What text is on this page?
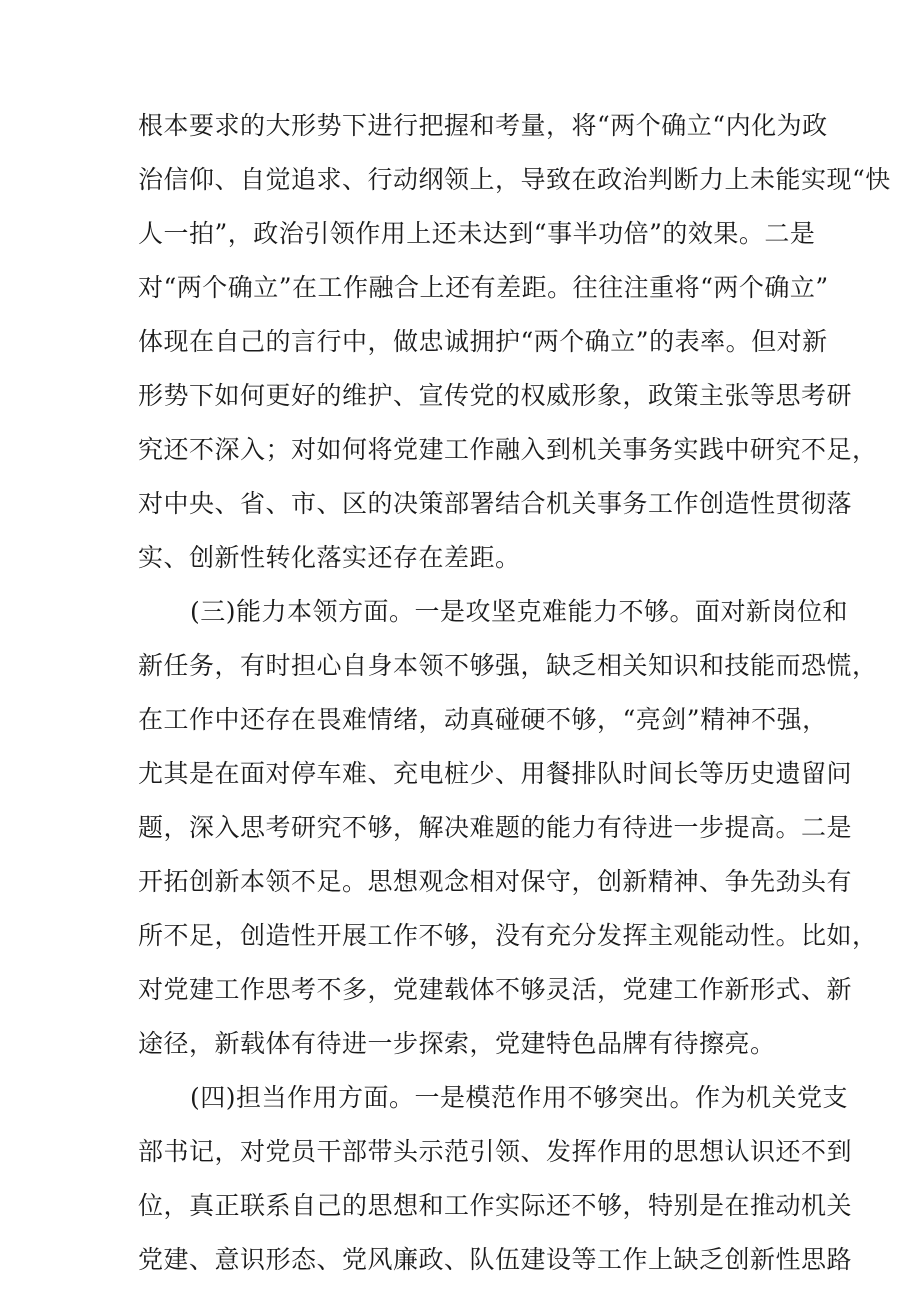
根本要求的大形势下进行把握和考量，将“两个确立“内化为政
治信仰、自觉追求、行动纲领上，导致在政治判断力上未能实现“快
人一拍”，政治引领作用上还未达到“事半功倍”的效果。二是
对“两个确立”在工作融合上还有差距。往往注重将“两个确立”
体现在自己的言行中，做忠诚拥护“两个确立”的表率。但对新
形势下如何更好的维护、宣传党的权威形象，政策主张等思考研
究还不深入；对如何将党建工作融入到机关事务实践中研究不足，
对中央、省、市、区的决策部署结合机关事务工作创造性贯彻落
实、创新性转化落实还存在差距。
(三)能力本领方面。一是攻坚克难能力不够。面对新岗位和
新任务，有时担心自身本领不够强，缺乏相关知识和技能而恐慌，
在工作中还存在畏难情绪，动真碰硬不够，“亮剑”精神不强，
尤其是在面对停车难、充电桩少、用餐排队时间长等历史遗留问
题，深入思考研究不够，解决难题的能力有待进一步提高。二是
开拓创新本领不足。思想观念相对保守，创新精神、争先劲头有
所不足，创造性开展工作不够，没有充分发挥主观能动性。比如，
对党建工作思考不多，党建载体不够灵活，党建工作新形式、新
途径，新载体有待进一步探索，党建特色品牌有待擦亮。
(四)担当作用方面。一是模范作用不够突出。作为机关党支
部书记，对党员干部带头示范引领、发挥作用的思想认识还不到
位，真正联系自己的思想和工作实际还不够，特别是在推动机关
党建、意识形态、党风廉政、队伍建设等工作上缺乏创新性思路
